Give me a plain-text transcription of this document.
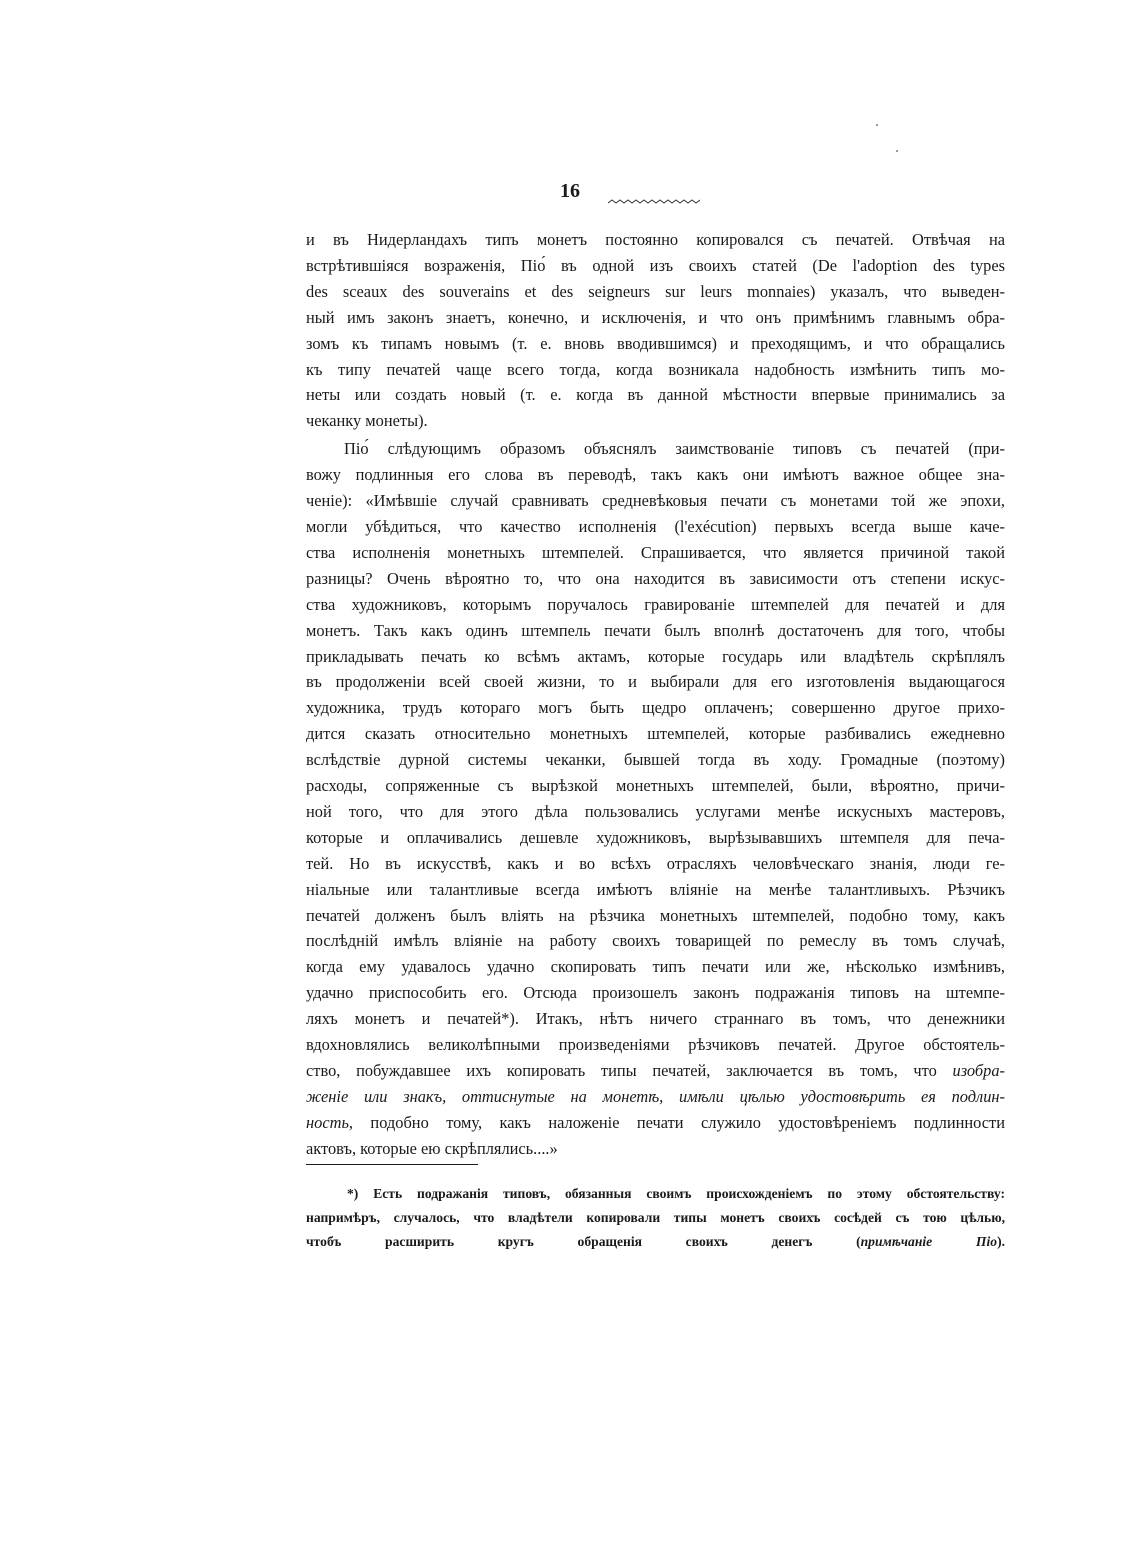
16
и въ Нидерландахъ типъ монетъ постоянно копировался съ печатей. Отвѣчая на
встрѣтившіяся возраженія, Піо́ въ одной изъ своихъ статей (De l'adoption des types
des sceaux des souverains et des seigneurs sur leurs monnaies) указалъ, что выведен-
ный имъ законъ знаетъ, конечно, и исключенія, и что онъ примѣнимъ главнымъ обра-
зомъ къ типамъ новымъ (т. е. вновь вводившимся) и преходящимъ, и что обращались
къ типу печатей чаще всего тогда, когда возникала надобность измѣнить типъ мо-
неты или создать новый (т. е. когда въ данной мѣстности впервые принимались за
чеканку монеты).
Піо́ слѣдующимъ образомъ объяснялъ заимствованіе типовъ съ печатей (при-
вожу подлинныя его слова въ переводѣ, такъ какъ они имѣютъ важное общее зна-
ченіе): «Имѣвшіе случай сравнивать средневѣковыя печати съ монетами той же эпохи,
могли убѣдиться, что качество исполненія (l'exécution) первыхъ всегда выше каче-
ства исполненія монетныхъ штемпелей. Спрашивается, что является причиной такой
разницы? Очень вѣроятно то, что она находится въ зависимости отъ степени искус-
ства художниковъ, которымъ поручалось гравированіе штемпелей для печатей и для
монетъ. Такъ какъ одинъ штемпель печати былъ вполнѣ достаточенъ для того, чтобы
прикладывать печать ко всѣмъ актамъ, которые государь или владѣтель скрѣплялъ
въ продолженіи всей своей жизни, то и выбирали для его изготовленія выдающагося
художника, трудъ котораго могъ быть щедро оплаченъ; совершенно другое прихо-
дится сказать относительно монетныхъ штемпелей, которые разбивались ежедневно
вслѣдствіе дурной системы чеканки, бывшей тогда въ ходу. Громадные (поэтому)
расходы, сопряженные съ вырѣзкой монетныхъ штемпелей, были, вѣроятно, причи-
ной того, что для этого дѣла пользовались услугами менѣе искусныхъ мастеровъ,
которые и оплачивались дешевле художниковъ, вырѣзывавшихъ штемпеля для печа-
тей. Но въ искусствѣ, какъ и во всѣхъ отрасляхъ человѣческаго знанія, люди ге-
ніальные или талантливые всегда имѣютъ вліяніе на менѣе талантливыхъ. Рѣзчикъ
печатей долженъ былъ вліять на рѣзчика монетныхъ штемпелей, подобно тому, какъ
послѣдній имѣлъ вліяніе на работу своихъ товарищей по ремеслу въ томъ случаѣ,
когда ему удавалось удачно скопировать типъ печати или же, нѣсколько измѣнивъ,
удачно приспособить его. Отсюда произошелъ законъ подражанія типовъ на штемпе-
ляхъ монетъ и печатей*). Итакъ, нѣтъ ничего страннаго въ томъ, что денежники
вдохновлялись великолѣпными произведеніями рѣзчиковъ печатей. Другое обстоятель-
ство, побуждавшее ихъ копировать типы печатей, заключается въ томъ, что изобра-
женіе или знакъ, оттиснутые на монетѣ, имѣли цѣлью удостовѣрить ея подлин-
ность, подобно тому, какъ наложеніе печати служило удостовѣреніемъ подлинности
актовъ, которые ею скрѣплялись....»
*) Есть подражанія типовъ, обязанныя своимъ происхожденіемъ по этому обстоятельству:
напримѣръ, случалось, что владѣтели копировали типы монетъ своихъ сосѣдей съ тою цѣлью,
чтобъ расширить кругъ обращенія своихъ денегъ (примѣчаніе Піо).
